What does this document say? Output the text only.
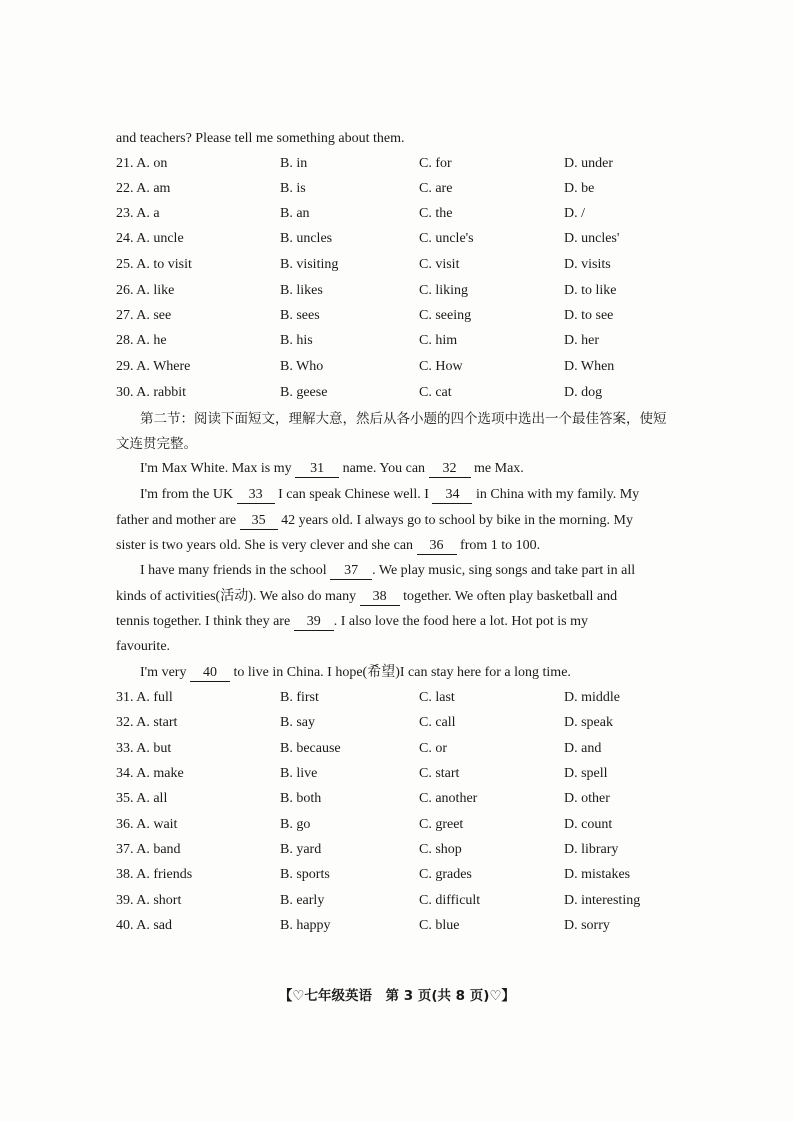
and teachers? Please tell me something about them.
21. A. on	B. in	C. for	D. under
22. A. am	B. is	C. are	D. be
23. A. a	B. an	C. the	D. /
24. A. uncle	B. uncles	C. uncle's	D. uncles'
25. A. to visit	B. visiting	C. visit	D. visits
26. A. like	B. likes	C. liking	D. to like
27. A. see	B. sees	C. seeing	D. to see
28. A. he	B. his	C. him	D. her
29. A. Where	B. Who	C. How	D. When
30. A. rabbit	B. geese	C. cat	D. dog
第二节：阅读下面短文，理解大意，然后从各小题的四个选项中选出一个最佳答案，使短
文连贯完整。
I'm Max White. Max is my 31 name. You can 32 me Max.
I'm from the UK 33 I can speak Chinese well. I 34 in China with my family. My
father and mother are 35 42 years old. I always go to school by bike in the morning. My
sister is two years old. She is very clever and she can 36 from 1 to 100.
I have many friends in the school 37 . We play music, sing songs and take part in all
kinds of activities(活动). We also do many 38 together. We often play basketball and
tennis together. I think they are 39 . I also love the food here a lot. Hot pot is my
favourite.
I'm very 40 to live in China. I hope(希望)I can stay here for a long time.
31. A. full	B. first	C. last	D. middle
32. A. start	B. say	C. call	D. speak
33. A. but	B. because	C. or	D. and
34. A. make	B. live	C. start	D. spell
35. A. all	B. both	C. another	D. other
36. A. wait	B. go	C. greet	D. count
37. A. band	B. yard	C. shop	D. library
38. A. friends	B. sports	C. grades	D. mistakes
39. A. short	B. early	C. difficult	D. interesting
40. A. sad	B. happy	C. blue	D. sorry
【♡七年级英语　第 3 页(共 8 页)♡】
